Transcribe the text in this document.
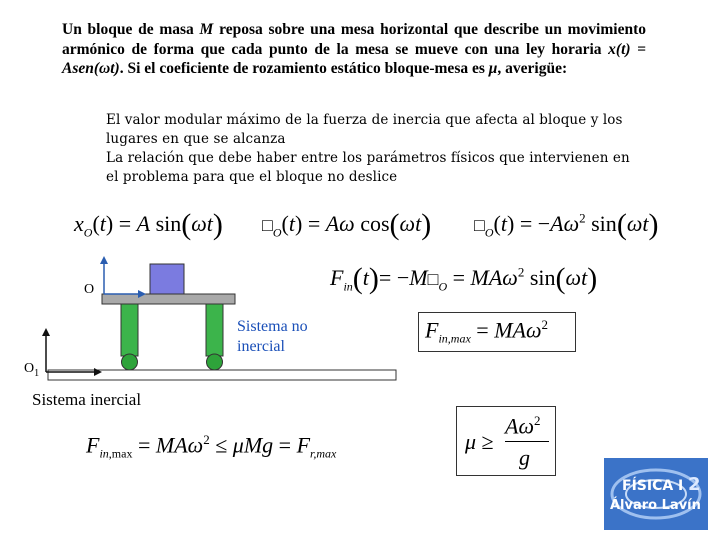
Un bloque de masa M reposa sobre una mesa horizontal que describe un movimiento armónico de forma que cada punto de la mesa se mueve con una ley horaria x(t) = Asen(ωt). Si el coeficiente de rozamiento estático bloque-mesa es μ, averigüe:
El valor modular máximo de la fuerza de inercia que afecta al bloque y los lugares en que se alcanza
La relación que debe haber entre los parámetros físicos que intervienen en el problema para que el bloque no deslice
$x_O(t) = A$ sin(ωt) $□_O(t) = A\omega$ cos(ωt) $□_O(t) = -A\omega^2$ sin(ωt)
$F_{in}(t)=$ $-M□_O = MA\omega^2$ sin(ωt)
O
$O_1$
Sistema no inercial
Sistema inercial
$F_{in,max} = MA\omega^2$
$F_{in,max} = MA\omega^2 \le \mu Mg = F_{r,max}$	μ ≥
$A\omega^2$
g
FÍSICA I 2
Álvaro Lavín
